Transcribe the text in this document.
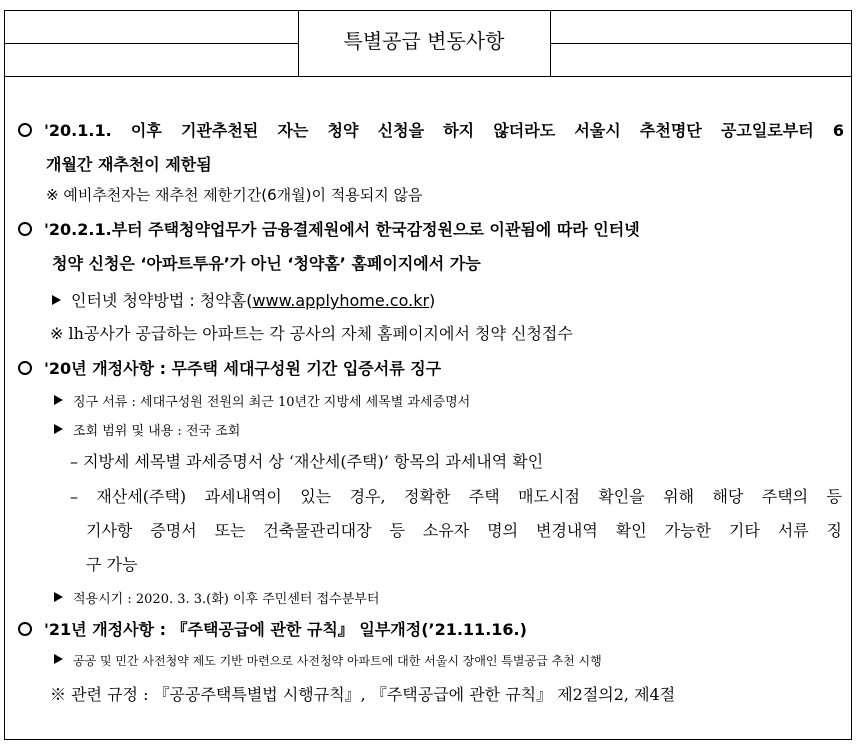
특별공급 변동사항
'20.1.1. 이후 기관추천된 자는 청약 신청을 하지 않더라도 서울시 추천명단 공고일로부터 6
개월간 재추천이 제한됨
※ 예비추천자는 재추천 제한기간(6개월)이 적용되지 않음
'20.2.1.부터 주택청약업무가 금융결제원에서 한국감정원으로 이관됨에 따라 인터넷
청약 신청은 ‘아파트투유’가 아닌 ‘청약홈’ 홈페이지에서 가능
인터넷 청약방법 : 청약홈(www.applyhome.co.kr)
※ lh공사가 공급하는 아파트는 각 공사의 자체 홈페이지에서 청약 신청접수
'20년 개정사항 : 무주택 세대구성원 기간 입증서류 징구
징구 서류 : 세대구성원 전원의 최근 10년간 지방세 세목별 과세증명서
조회 범위 및 내용 : 전국 조회
– 지방세 세목별 과세증명서 상 ‘재산세(주택)’ 항목의 과세내역 확인
– 재산세(주택) 과세내역이 있는 경우, 정확한 주택 매도시점 확인을 위해 해당 주택의 등
기사항 증명서 또는 건축물관리대장 등 소유자 명의 변경내역 확인 가능한 기타 서류 징
구 가능
적용시기 : 2020. 3. 3.(화) 이후 주민센터 접수분부터
'21년 개정사항 : 『주택공급에 관한 규칙』 일부개정(’21.11.16.)
공공 및 민간 사전청약 제도 기반 마련으로 사전청약 아파트에 대한 서울시 장애인 특별공급 추천 시행
※ 관련 규정 : 『공공주택특별법 시행규칙』, 『주택공급에 관한 규칙』 제2절의2, 제4절
